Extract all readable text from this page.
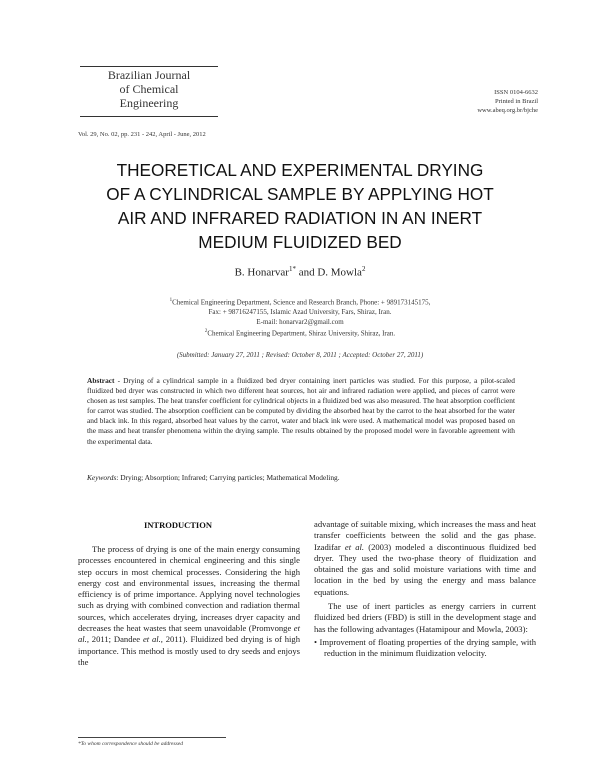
Brazilian Journal
of Chemical
Engineering
ISSN 0104-6632
Printed in Brazil
www.abeq.org.br/bjche
Vol. 29, No. 02, pp. 231 - 242, April - June, 2012
THEORETICAL AND EXPERIMENTAL DRYING
OF A CYLINDRICAL SAMPLE BY APPLYING HOT
AIR AND INFRARED RADIATION IN AN INERT
MEDIUM FLUIDIZED BED
B. Honarvar$^{1*}$ and D. Mowla$^2$
$^1$Chemical Engineering Department, Science and Research Branch, Phone: + 989173145175,
Fax: + 98716247155, Islamic Azad University, Fars, Shiraz, Iran.
E-mail: honarvar2@gmail.com
$^2$Chemical Engineering Department, Shiraz University, Shiraz, Iran.
(Submitted: January 27, 2011 ; Revised: October 8, 2011 ; Accepted: October 27, 2011)
Abstract - Drying of a cylindrical sample in a fluidized bed dryer containing inert particles was studied. For this purpose, a pilot-scaled fluidized bed dryer was constructed in which two different heat sources, hot air and infrared radiation were applied, and pieces of carrot were chosen as test samples. The heat transfer coefficient for cylindrical objects in a fluidized bed was also measured. The heat absorption coefficient for carrot was studied. The absorption coefficient can be computed by dividing the absorbed heat by the carrot to the heat absorbed for the water and black ink. In this regard, absorbed heat values by the carrot, water and black ink were used. A mathematical model was proposed based on the mass and heat transfer phenomena within the drying sample. The results obtained by the proposed model were in favorable agreement with the experimental data.
Keywords: Drying; Absorption; Infrared; Carrying particles; Mathematical Modeling.
INTRODUCTION

The process of drying is one of the main energy consuming processes encountered in chemical engineering and this single step occurs in most chemical processes. Considering the high energy cost and environmental issues, increasing the thermal efficiency is of prime importance. Applying novel technologies such as drying with combined convection and radiation thermal sources, which accelerates drying, increases dryer capacity and decreases the heat wastes that seem unavoidable (Promvonge et al., 2011; Dandee et al., 2011). Fluidized bed drying is of high importance. This method is mostly used to dry seeds and enjoys the

advantage of suitable mixing, which increases the mass and heat transfer coefficients between the solid and the gas phase. Izadifar et al. (2003) modeled a discontinuous fluidized bed dryer. They used the two-phase theory of fluidization and obtained the gas and solid moisture variations with time and location in the bed by using the energy and mass balance equations.

The use of inert particles as energy carriers in current fluidized bed driers (FBD) is still in the development stage and has the following advantages (Hatamipour and Mowla, 2003):

• Improvement of floating properties of the drying sample, with reduction in the minimum fluidization velocity.

*To whom correspondence should be addressed
